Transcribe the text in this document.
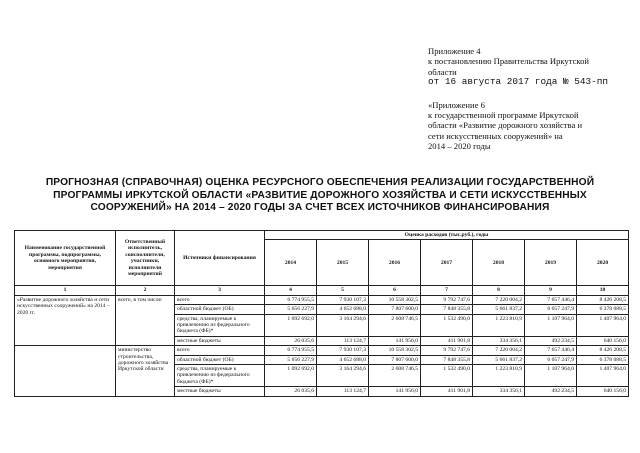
Приложение 4
к постановлению Правительства Иркутской
области
от 16 августа 2017 года № 543-пп
«Приложение 6
к государственной программе Иркутской
области «Развитие дорожного хозяйства и
сети искусственных сооружений» на
2014 – 2020 годы
ПРОГНОЗНАЯ (СПРАВОЧНАЯ) ОЦЕНКА РЕСУРСНОГО ОБЕСПЕЧЕНИЯ РЕАЛИЗАЦИИ ГОСУДАРСТВЕННОЙ
ПРОГРАММЫ ИРКУТСКОЙ ОБЛАСТИ «РАЗВИТИЕ ДОРОЖНОГО ХОЗЯЙСТВА И СЕТИ ИСКУССТВЕННЫХ
СООРУЖЕНИЙ» НА 2014 – 2020 ГОДЫ ЗА СЧЕТ ВСЕХ ИСТОЧНИКОВ ФИНАНСИРОВАНИЯ
Наименование государственной программы, подпрограммы, основного мероприятия, мероприятия	Ответственный исполнитель, соисполнители, участники, исполнители мероприятий	Источники финансирования	Оценка расходов (тыс.руб.), годы						
			2014	2015	2016	2017	2018	2019	2020
1	2	3	4	5	6	7	8	9	10
«Развитие дорожного хозяйства и сети искусственных сооружений» на 2014 – 2020 гг.	всего, в том числе:	всего	6 774 955,5	7 930 107,3	10 558 302,5	9 792 747,6	7 220 004,2	7 657 446,4	8 426 208,5
		областной бюджет (ОБ)	5 656 227,9	4 652 688,0	7 807 600,0	7 848 355,8	5 661 837,2	6 057 247,9	6 378 088,5
		средства, планируемые к привлечению из федерального бюджета (ФБ)*	1 092 692,0	3 164 294,6	2 608 746,5	1 532 490,0	1 223 810,9	1 107 964,0	1 407 964,0
		местные бюджеты	26 035,6	113 124,7	141 956,0	411 901,8	334 356,1	492 234,5	640 156,0
	министерство строительства, дорожного хозяйства Иркутской области	всего	6 774 955,5	7 930 107,3	10 558 302,5	9 792 747,6	7 220 004,2	7 657 446,4	8 426 208,5
		областной бюджет (ОБ)	5 656 227,9	4 652 688,0	7 807 600,0	7 848 355,8	5 661 837,2	6 057 247,9	6 378 088,5
		средства, планируемые к привлечению из федерального бюджета (ФБ)*	1 092 692,0	3 164 294,6	2 608 746,5	1 532 490,0	1 223 810,9	1 107 964,0	1 407 964,0
		местные бюджеты	26 035,6	113 124,7	141 956,0	411 901,8	334 356,1	492 234,5	640 156,0
